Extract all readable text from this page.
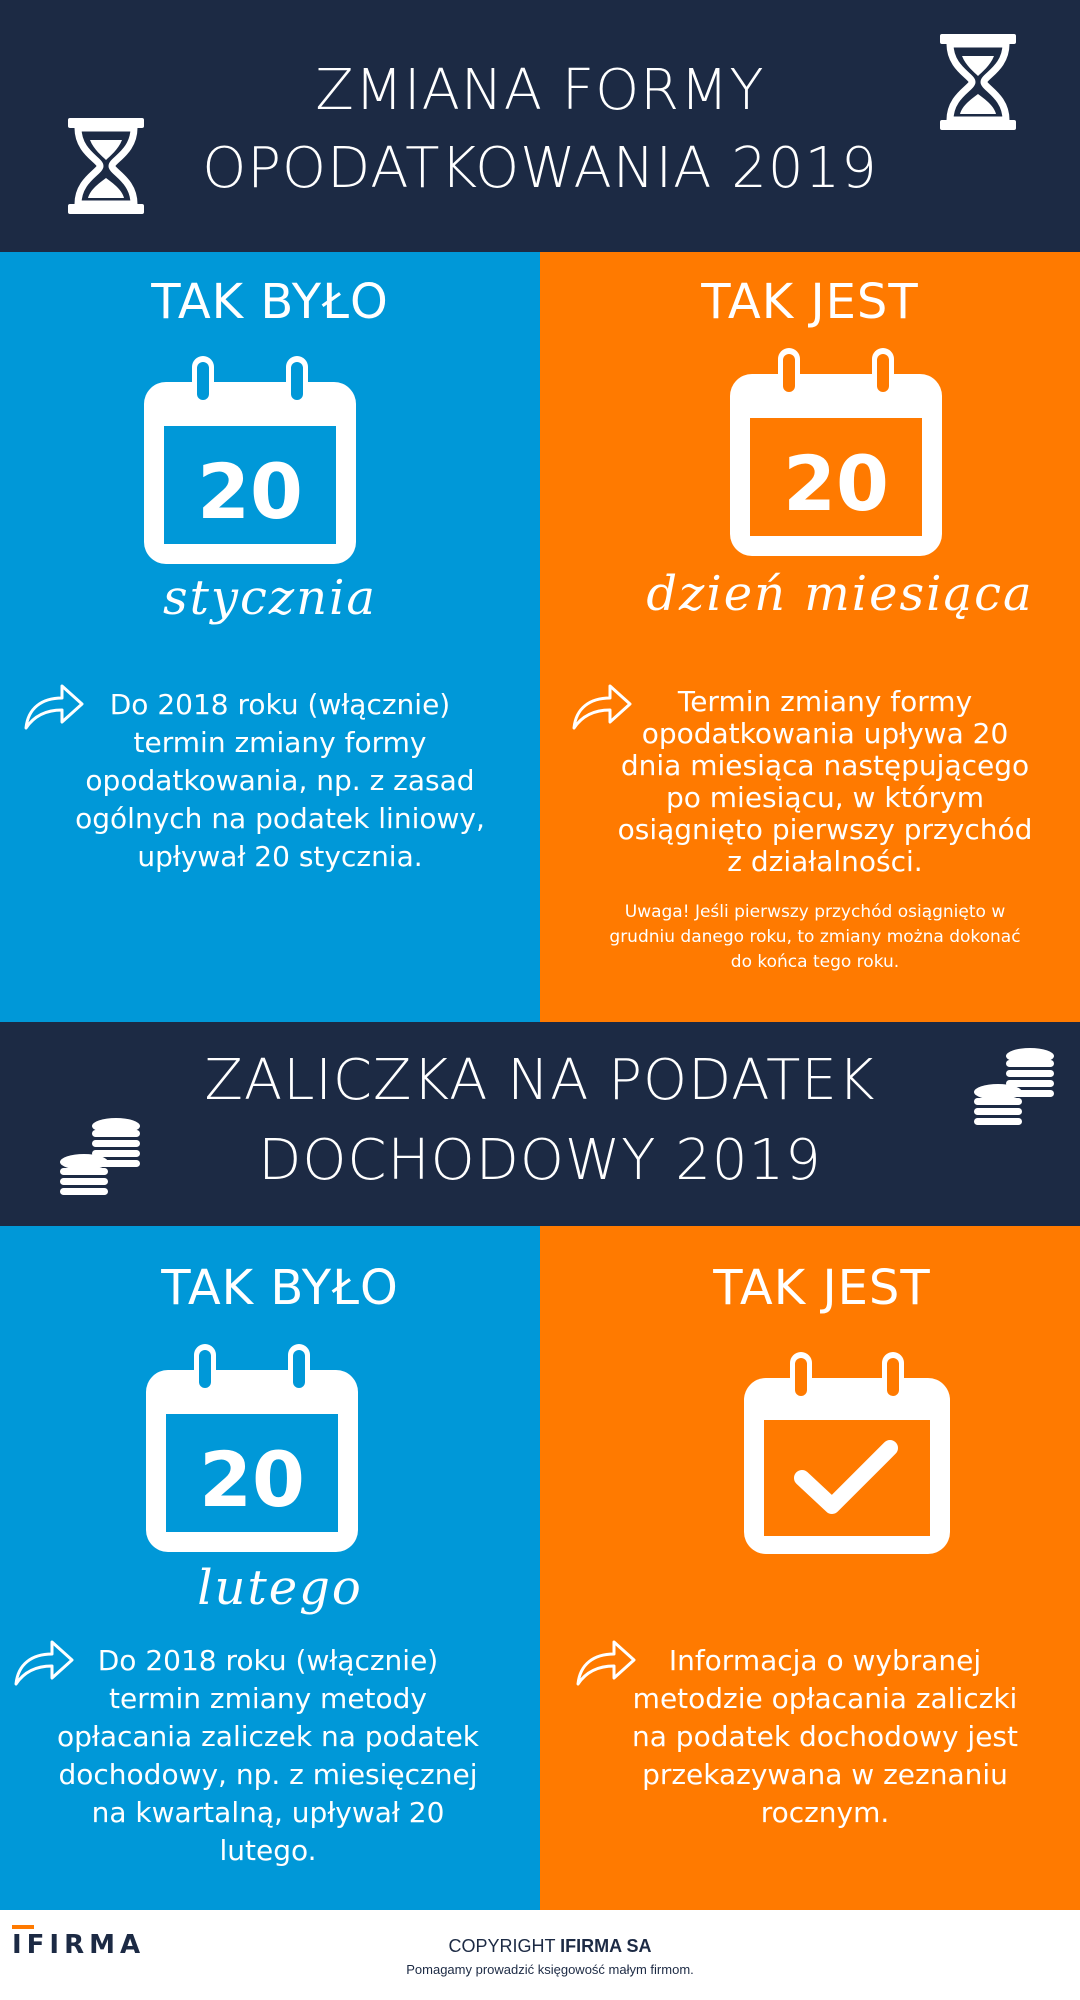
ZMIANA FORMY
OPODATKOWANIA 2019
TAK BYŁO
20
stycznia
Do 2018 roku (włącznie)
termin zmiany formy
opodatkowania, np. z zasad
ogólnych na podatek liniowy,
upływał 20 stycznia.
TAK JEST
20
dzień miesiąca
Termin zmiany formy
opodatkowania upływa 20
dnia miesiąca następującego
po miesiącu, w którym
osiągnięto pierwszy przychód
z działalności.
Uwaga! Jeśli pierwszy przychód osiągnięto w
grudniu danego roku, to zmiany można dokonać
do końca tego roku.
ZALICZKA NA PODATEK
DOCHODOWY 2019
TAK BYŁO
20
lutego
Do 2018 roku (włącznie)
termin zmiany metody
opłacania zaliczek na podatek
dochodowy, np. z miesięcznej
na kwartalną, upływał 20
lutego.
TAK JEST
Informacja o wybranej
metodzie opłacania zaliczki
na podatek dochodowy jest
przekazywana w zeznaniu
rocznym.
IFIRMA	COPYRIGHT IFIRMA SA
Pomagamy prowadzić księgowość małym firmom.
